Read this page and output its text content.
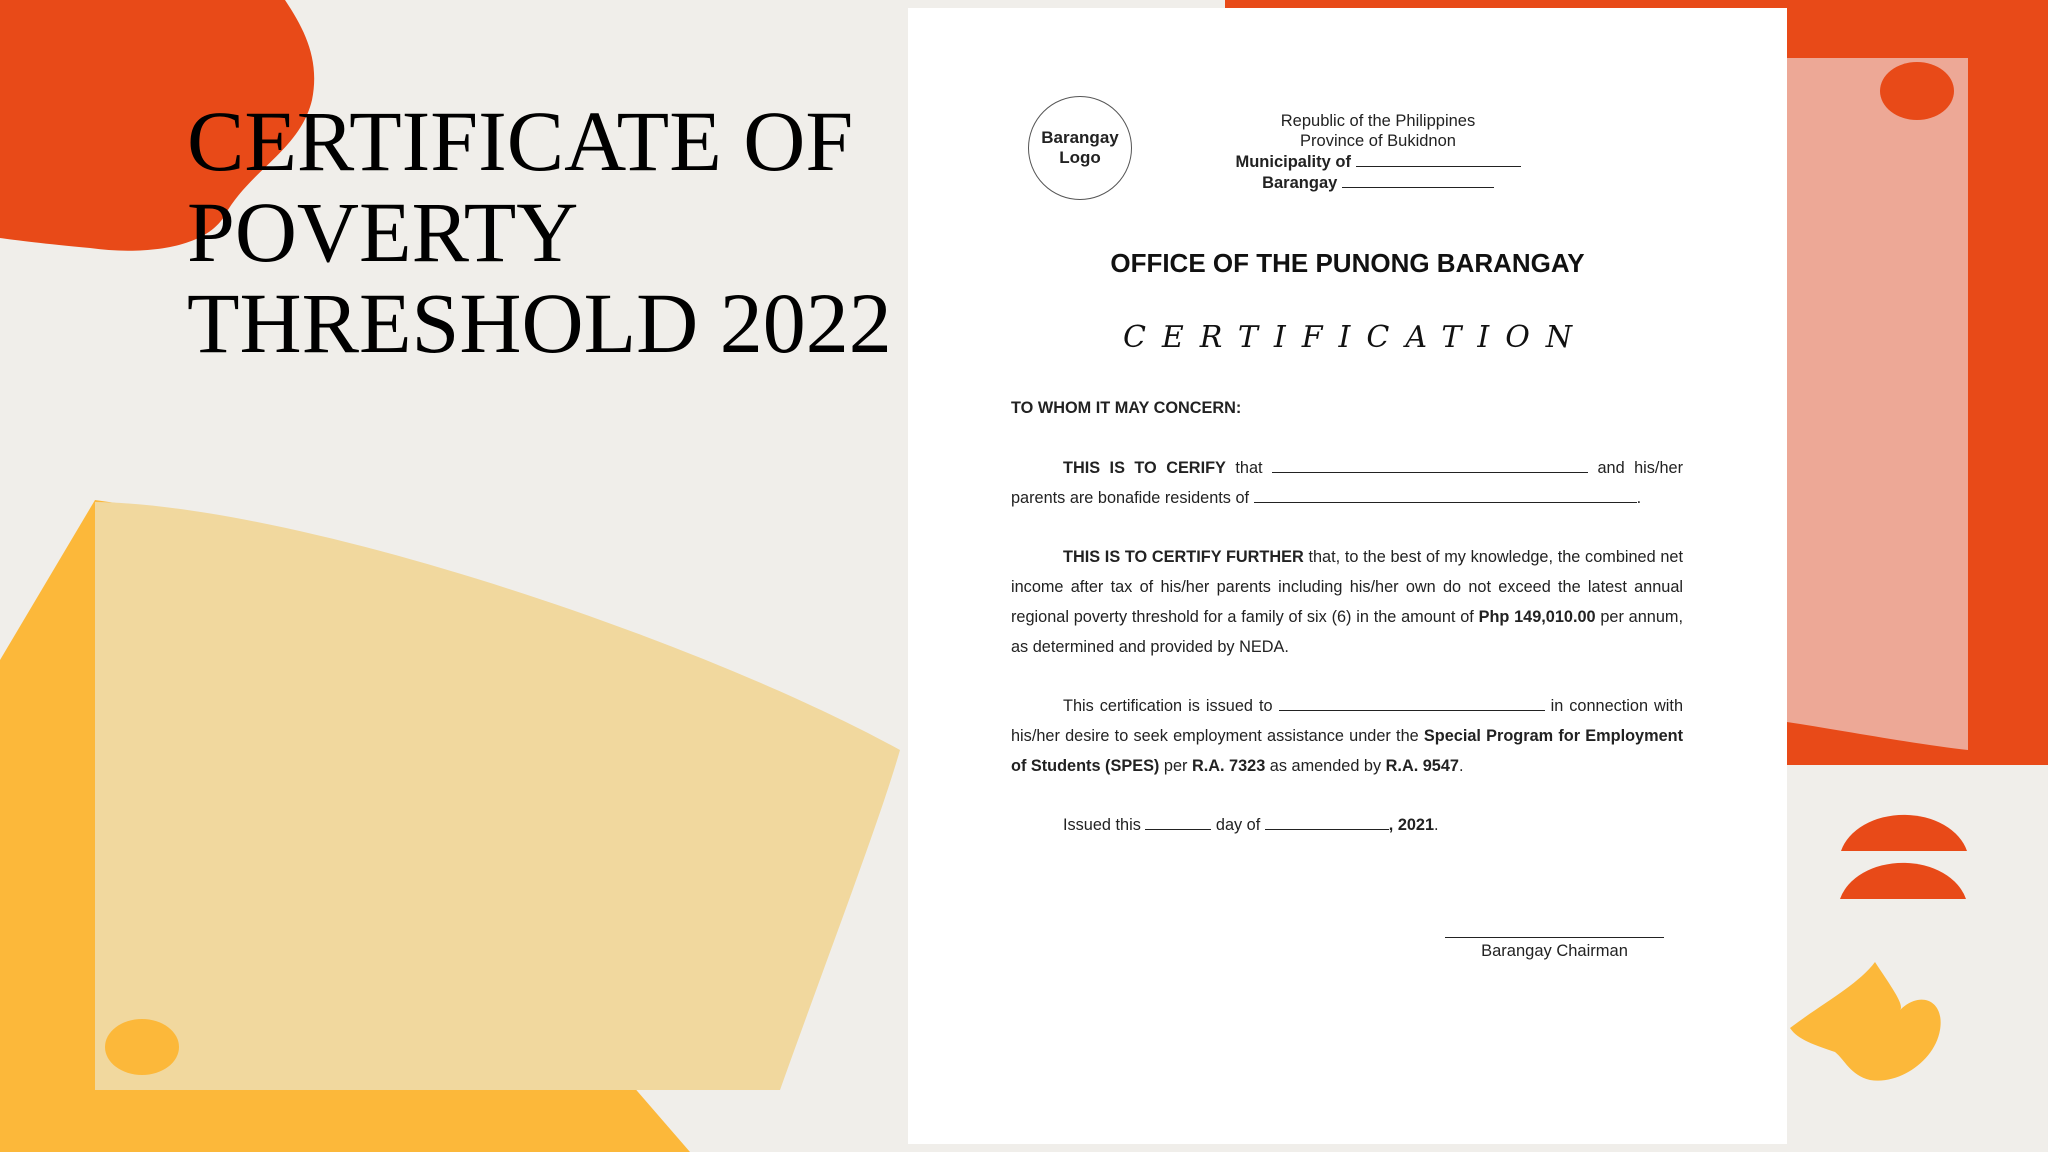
CERTIFICATE OF
POVERTY
THRESHOLD 2022
Barangay
Logo
Republic of the Philippines
Province of Bukidnon
Municipality of
Barangay
OFFICE OF THE PUNONG BARANGAY
CERTIFICATION

TO WHOM IT MAY CONCERN:

THIS IS TO CERIFY that	and his/her parents are bonafide residents of	.

THIS IS TO CERTIFY FURTHER that, to the best of my knowledge, the combined net income after tax of his/her parents including his/her own do not exceed the latest annual regional poverty threshold for a family of six (6) in the amount of Php 149,010.00 per annum, as determined and provided by NEDA.

This certification is issued to	in connection with his/her desire to seek employment assistance under the Special Program for Employment of Students (SPES) per R.A. 7323 as amended by R.A. 9547.

Issued this	day of	, 2021.

Barangay Chairman
